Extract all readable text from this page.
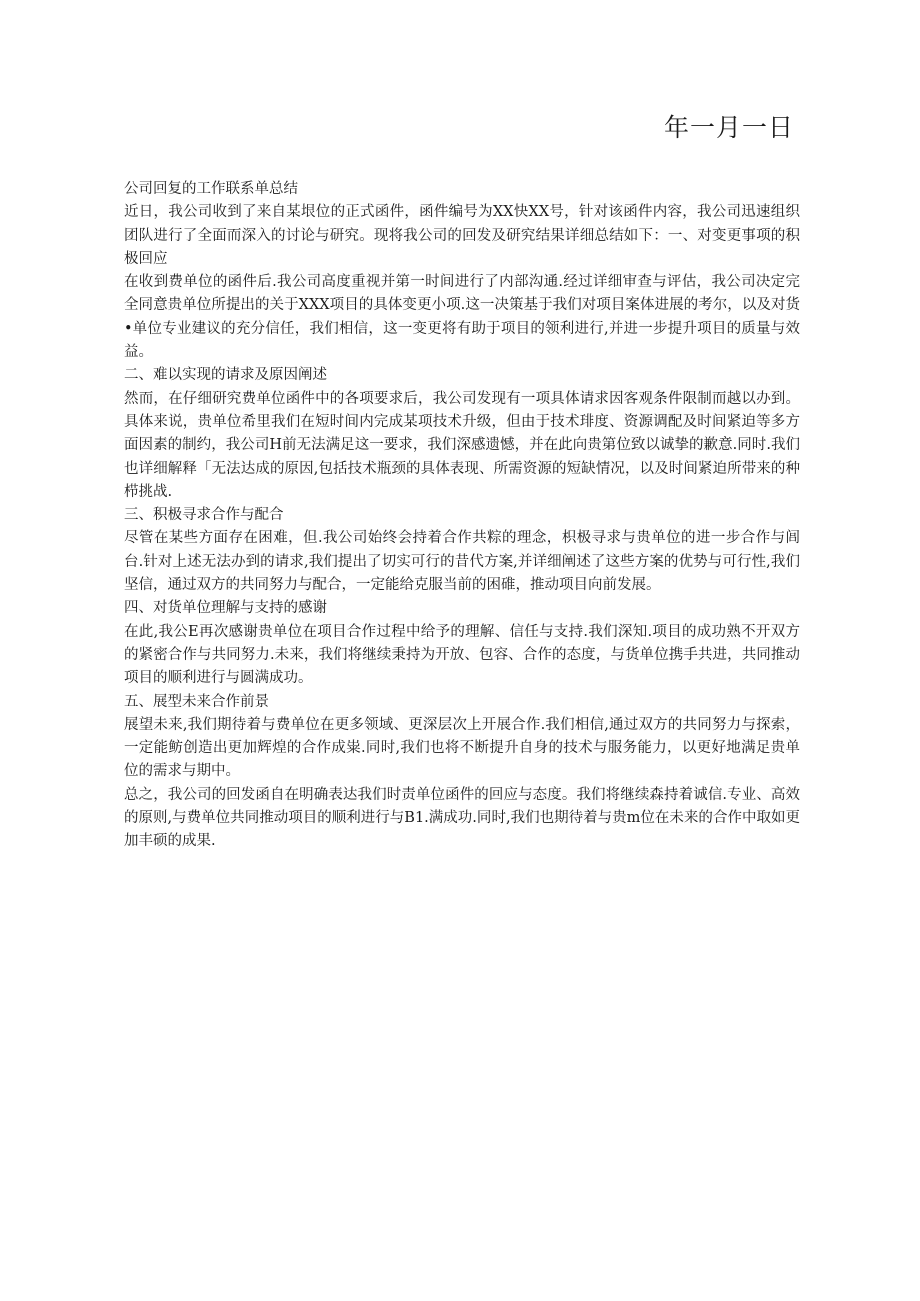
年一月一日

公司回复的工作联系单总结

近日，我公司收到了来自某垠位的正式函件，函件编号为XX快XX号，针对该函件内容，我公司迅速组织团队进行了全面而深入的讨论与研究。现将我公司的回发及研究结果详细总结如下：一、对变更事项的积极回应

在收到费单位的函件后.我公司高度重视并第一时间进行了内部沟通.经过详细审查与评估，我公司决定完全同意贵单位所提出的关于XXX项目的具体变更小项.这一决策基于我们对项目案体进展的考尔，以及对货•单位专业建议的充分信任，我们相信，这一变更将有助于项目的领利进行,并进一步提升项目的质量与效益。

二、难以实现的请求及原因阐述

然而，在仔细研究费单位函件中的各项要求后，我公司发现有一项具体请求因客观条件限制而越以办到。具体来说，贵单位希里我们在短时间内完成某项技术升级，但由于技术琲度、资源调配及时间紧迫等多方面因素的制约，我公司H前无法满足这一要求，我们深感遗憾，并在此向贵第位致以诚挚的歉意.同时.我们也详细解释「无法达成的原因,包括技术瓶颈的具体表现、所需资源的短缺情况，以及时间紧迫所带来的种栉挑战.

三、积极寻求合作与配合

尽管在某些方面存在困难，但.我公司始终会持着合作共粽的理念，枳极寻求与贵单位的进一步合作与闾台.针对上述无法办到的请求,我们提出了切实可行的昔代方案,并详细阐述了这些方案的优势与可行性,我们坚信，通过双方的共同努力与配合，一定能给克服当前的困碓，推动项目向前发展。

四、对货单位理解与支持的感谢

在此,我公E再次感谢贵单位在项目合作过程中给予的理解、信任与支持.我们深知.项目的成功熟不开双方的紧密合作与共同努力.未来，我们将继续秉持为开放、包容、合作的态度，与货单位携手共进，共同推动项目的顺利进行与圆满成功。

五、展型未来合作前景

展望未来,我们期待着与费单位在更多领域、更深层次上开展合作.我们相信,通过双方的共同努力与探索，一定能鲂创造出更加辉煌的合作成粜.同时,我们也将不断提升自身的技术与服务能力，以更好地满足贵单位的需求与期中。

总之，我公司的回发函自在明确表达我们时责单位函件的回应与态度。我们将继续森持着诚信.专业、高效的原则,与费单位共同推动项目的顺利进行与B1.满成功.同时,我们也期待着与贵m位在未来的合作中取如更加丰硕的成果.
